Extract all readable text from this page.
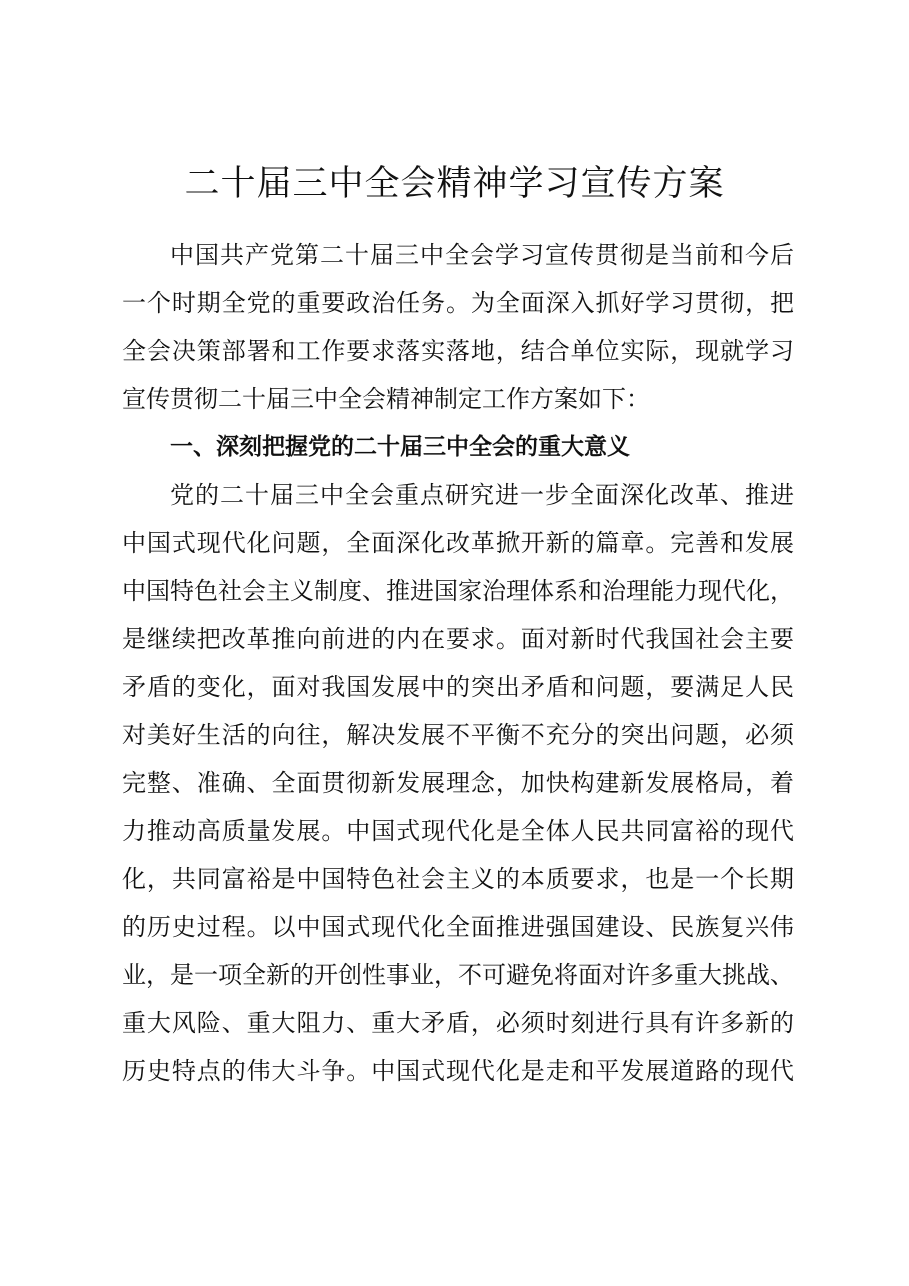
二十届三中全会精神学习宣传方案
中国共产党第二十届三中全会学习宣传贯彻是当前和今后
一个时期全党的重要政治任务。为全面深入抓好学习贯彻，把
全会决策部署和工作要求落实落地，结合单位实际，现就学习
宣传贯彻二十届三中全会精神制定工作方案如下：
一、深刻把握党的二十届三中全会的重大意义
党的二十届三中全会重点研究进一步全面深化改革、推进
中国式现代化问题，全面深化改革掀开新的篇章。完善和发展
中国特色社会主义制度、推进国家治理体系和治理能力现代化，
是继续把改革推向前进的内在要求。面对新时代我国社会主要
矛盾的变化，面对我国发展中的突出矛盾和问题，要满足人民
对美好生活的向往，解决发展不平衡不充分的突出问题，必须
完整、准确、全面贯彻新发展理念，加快构建新发展格局，着
力推动高质量发展。中国式现代化是全体人民共同富裕的现代
化，共同富裕是中国特色社会主义的本质要求，也是一个长期
的历史过程。以中国式现代化全面推进强国建设、民族复兴伟
业，是一项全新的开创性事业，不可避免将面对许多重大挑战、
重大风险、重大阻力、重大矛盾，必须时刻进行具有许多新的
历史特点的伟大斗争。中国式现代化是走和平发展道路的现代
